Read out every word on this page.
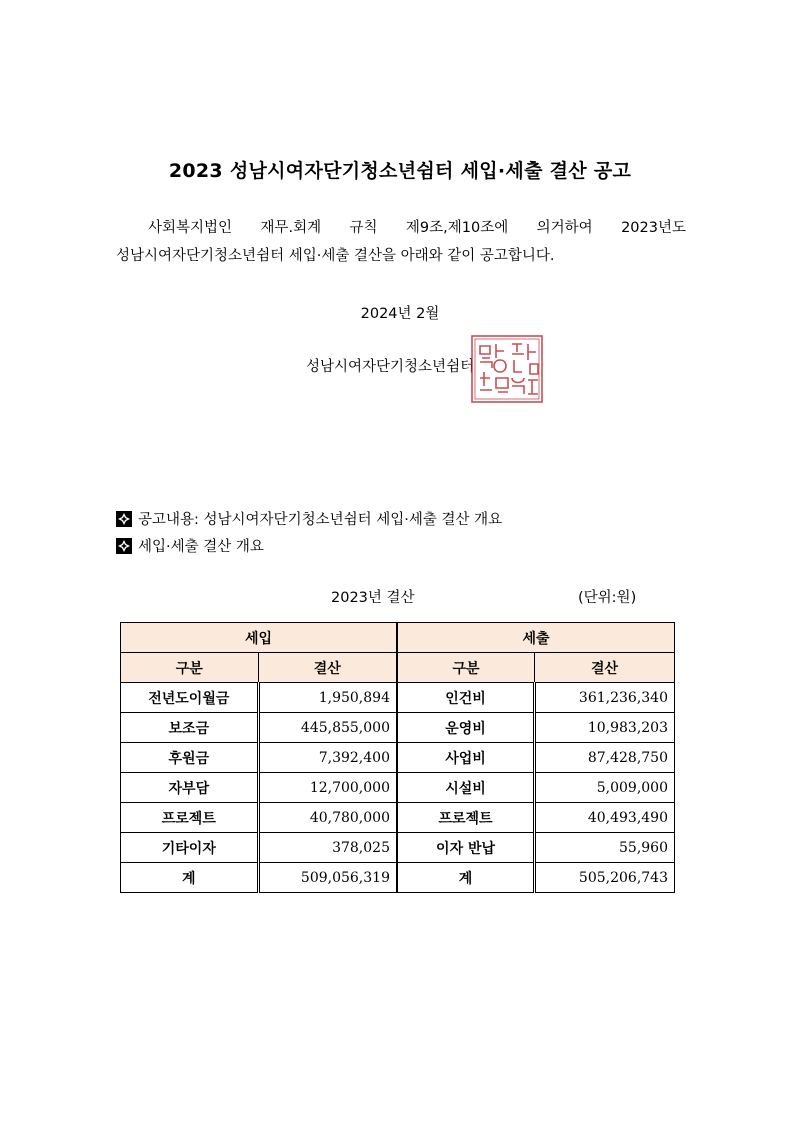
2023 성남시여자단기청소년쉼터 세입·세출 결산 공고
사회복지법인 재무.회계 규칙 제9조,제10조에 의거하여 2023년도
성남시여자단기청소년쉼터 세입·세출 결산을 아래와 같이 공고합니다.
2024년 2월
성남시여자단기청소년쉼터
공고내용: 성남시여자단기청소년쉼터 세입·세출 결산 개요
세입·세출 결산 개요
2023년 결산	(단위:원)
세입		세출	
구분	결산	구분	결산
전년도이월금	1,950,894	인건비	361,236,340
보조금	445,855,000	운영비	10,983,203
후원금	7,392,400	사업비	87,428,750
자부담	12,700,000	시설비	5,009,000
프로젝트	40,780,000	프로젝트	40,493,490
기타이자	378,025	이자 반납	55,960
계	509,056,319	계	505,206,743
